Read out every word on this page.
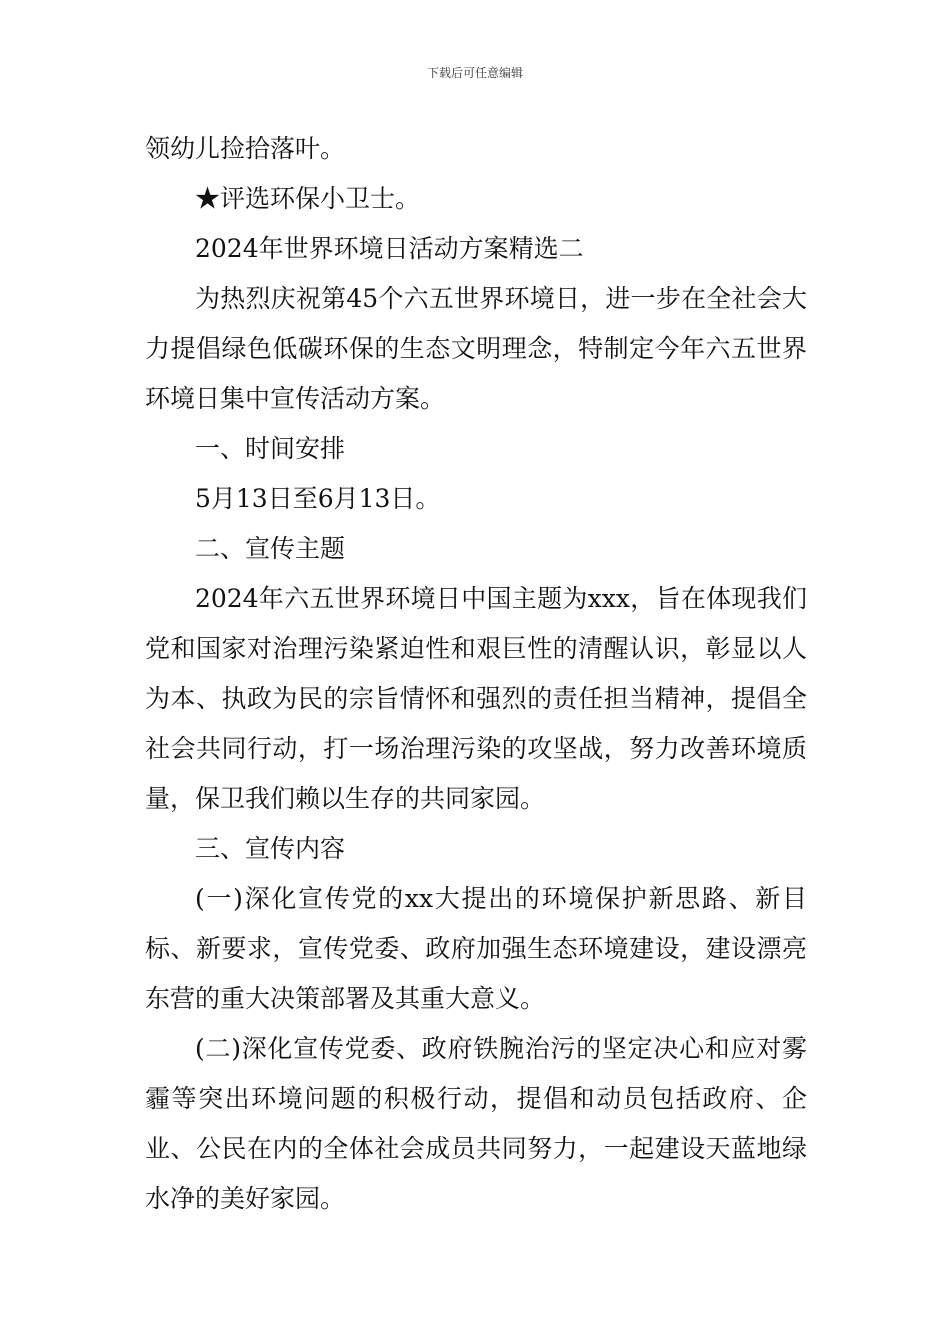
下载后可任意编辑

领幼儿捡拾落叶。

★评选环保小卫士。

2024年世界环境日活动方案精选二

为热烈庆祝第45个六五世界环境日，进一步在全社会大力提倡绿色低碳环保的生态文明理念，特制定今年六五世界环境日集中宣传活动方案。

一、时间安排

5月13日至6月13日。

二、宣传主题

2024年六五世界环境日中国主题为xxx，旨在体现我们党和国家对治理污染紧迫性和艰巨性的清醒认识，彰显以人为本、执政为民的宗旨情怀和强烈的责任担当精神，提倡全社会共同行动，打一场治理污染的攻坚战，努力改善环境质量，保卫我们赖以生存的共同家园。

三、宣传内容

(一)深化宣传党的xx大提出的环境保护新思路、新目标、新要求，宣传党委、政府加强生态环境建设，建设漂亮东营的重大决策部署及其重大意义。

(二)深化宣传党委、政府铁腕治污的坚定决心和应对雾霾等突出环境问题的积极行动，提倡和动员包括政府、企业、公民在内的全体社会成员共同努力，一起建设天蓝地绿水净的美好家园。
